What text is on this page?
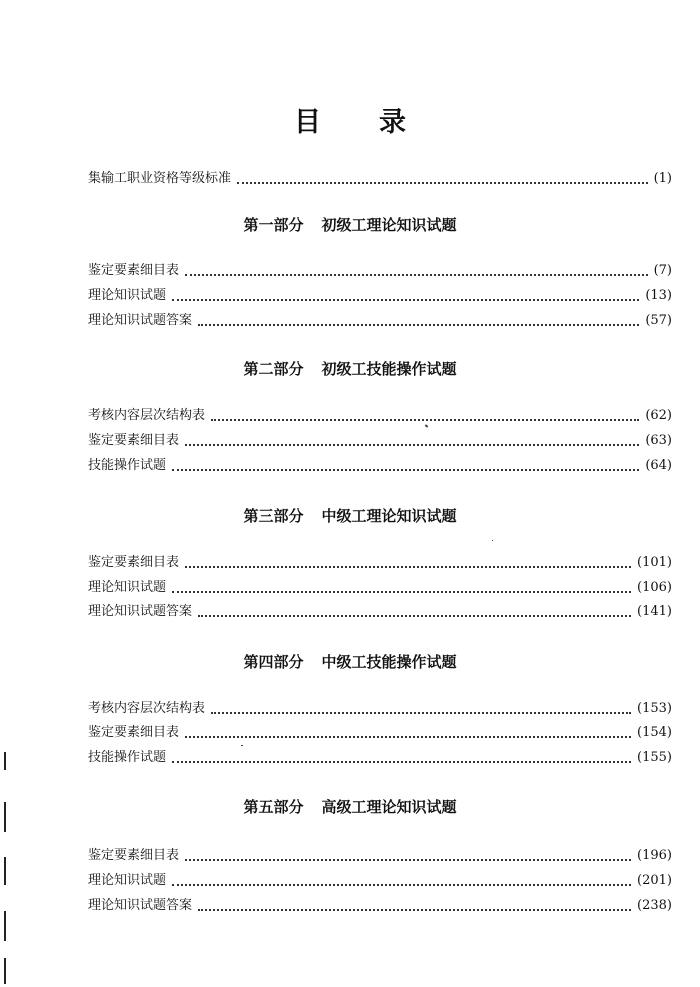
目 录
集输工职业资格等级标准	(1)
第一部分 初级工理论知识试题
鉴定要素细目表	(7)
理论知识试题	(13)
理论知识试题答案	(57)
第二部分 初级工技能操作试题
考核内容层次结构表	(62)
鉴定要素细目表	(63)
技能操作试题	(64)
第三部分 中级工理论知识试题
鉴定要素细目表	(101)
理论知识试题	(106)
理论知识试题答案	(141)
第四部分 中级工技能操作试题
考核内容层次结构表	(153)
鉴定要素细目表	(154)
技能操作试题	(155)
第五部分 高级工理论知识试题
鉴定要素细目表	(196)
理论知识试题	(201)
理论知识试题答案	(238)
